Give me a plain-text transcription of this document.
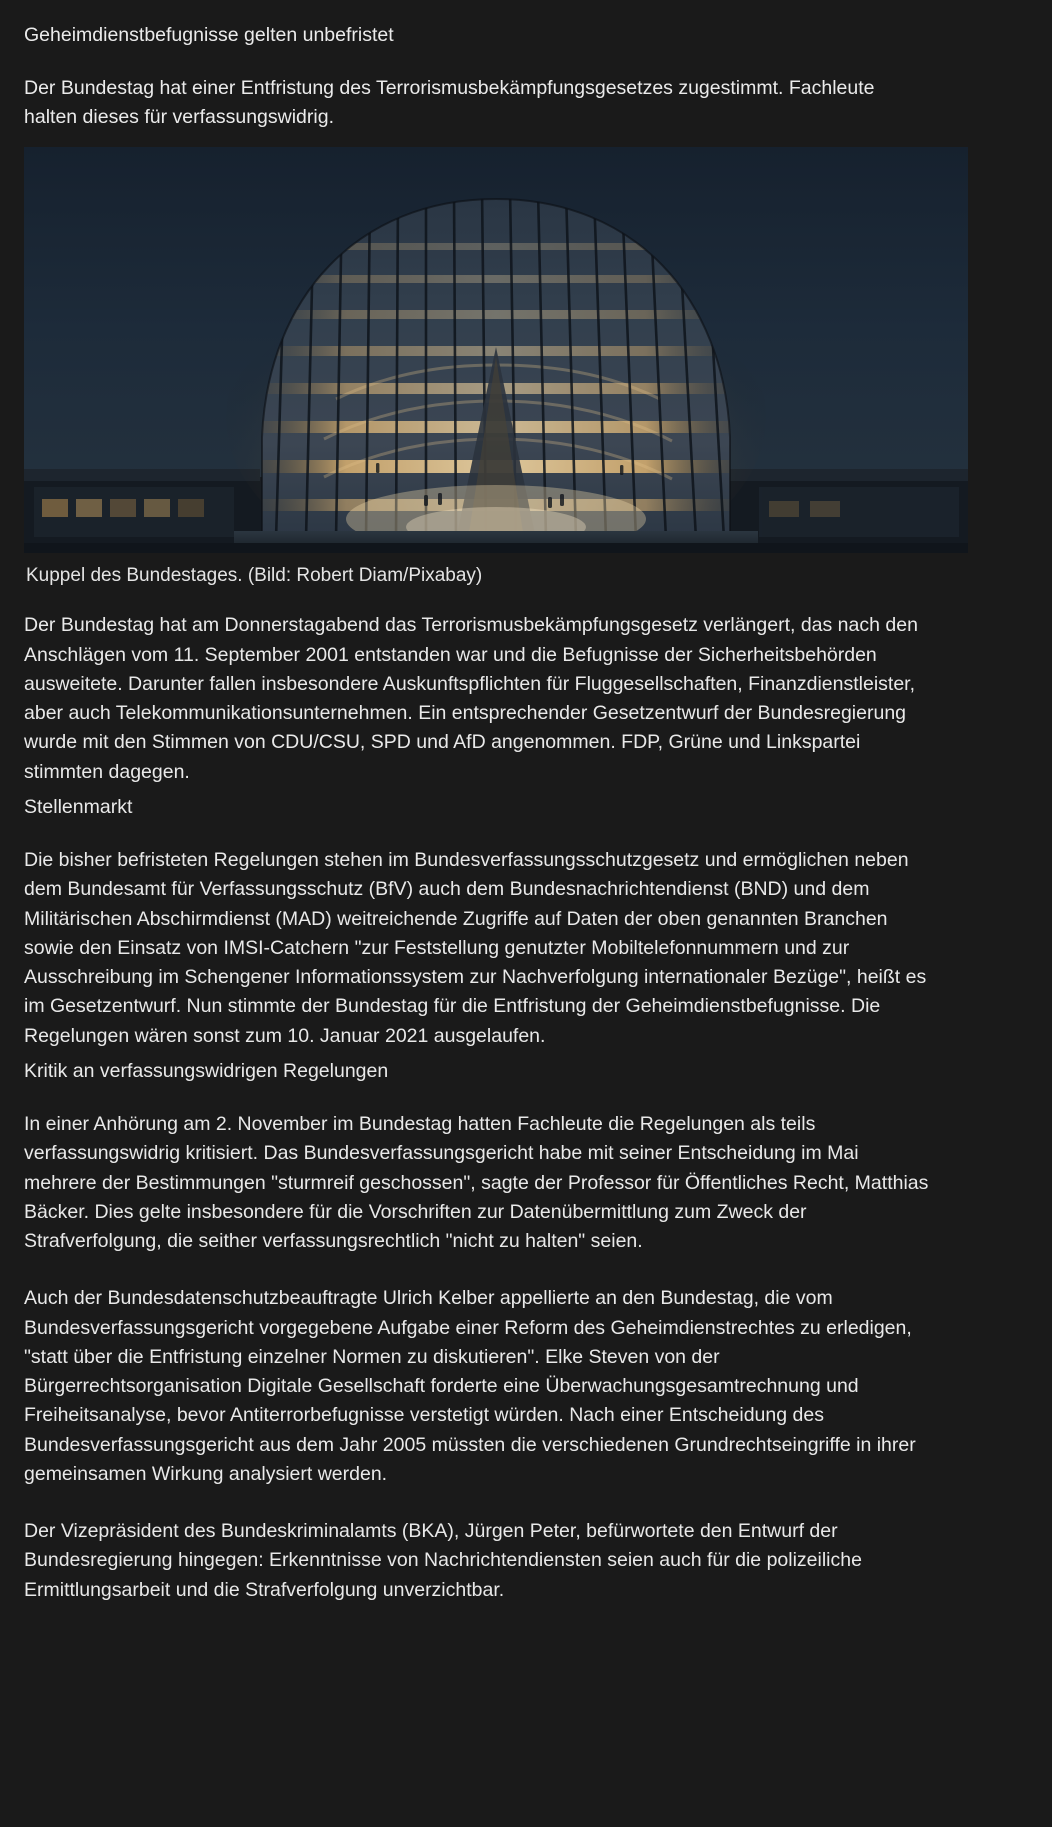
Geheimdienstbefugnisse gelten unbefristet

Der Bundestag hat einer Entfristung des Terrorismusbekämpfungsgesetzes zugestimmt. Fachleute halten dieses für verfassungswidrig.

Kuppel des Bundestages. (Bild: Robert Diam/Pixabay)

Der Bundestag hat am Donnerstagabend das Terrorismusbekämpfungsgesetz verlängert, das nach den Anschlägen vom 11. September 2001 entstanden war und die Befugnisse der Sicherheitsbehörden ausweitete. Darunter fallen insbesondere Auskunftspflichten für Fluggesellschaften, Finanzdienstleister, aber auch Telekommunikationsunternehmen. Ein entsprechender Gesetzentwurf der Bundesregierung wurde mit den Stimmen von CDU/CSU, SPD und AfD angenommen. FDP, Grüne und Linkspartei stimmten dagegen.

Stellenmarkt

Die bisher befristeten Regelungen stehen im Bundesverfassungsschutzgesetz und ermöglichen neben dem Bundesamt für Verfassungsschutz (BfV) auch dem Bundesnachrichtendienst (BND) und dem Militärischen Abschirmdienst (MAD) weitreichende Zugriffe auf Daten der oben genannten Branchen sowie den Einsatz von IMSI-Catchern "zur Feststellung genutzter Mobiltelefonnummern und zur Ausschreibung im Schengener Informationssystem zur Nachverfolgung internationaler Bezüge", heißt es im Gesetzentwurf. Nun stimmte der Bundestag für die Entfristung der Geheimdienstbefugnisse. Die Regelungen wären sonst zum 10. Januar 2021 ausgelaufen.

Kritik an verfassungswidrigen Regelungen

In einer Anhörung am 2. November im Bundestag hatten Fachleute die Regelungen als teils verfassungswidrig kritisiert. Das Bundesverfassungsgericht habe mit seiner Entscheidung im Mai mehrere der Bestimmungen "sturmreif geschossen", sagte der Professor für Öffentliches Recht, Matthias Bäcker. Dies gelte insbesondere für die Vorschriften zur Datenübermittlung zum Zweck der Strafverfolgung, die seither verfassungsrechtlich "nicht zu halten" seien.

Auch der Bundesdatenschutzbeauftragte Ulrich Kelber appellierte an den Bundestag, die vom Bundesverfassungsgericht vorgegebene Aufgabe einer Reform des Geheimdienstrechtes zu erledigen, "statt über die Entfristung einzelner Normen zu diskutieren". Elke Steven von der Bürgerrechtsorganisation Digitale Gesellschaft forderte eine Überwachungsgesamtrechnung und Freiheitsanalyse, bevor Antiterrorbefugnisse verstetigt würden. Nach einer Entscheidung des Bundesverfassungsgericht aus dem Jahr 2005 müssten die verschiedenen Grundrechtseingriffe in ihrer gemeinsamen Wirkung analysiert werden.

Der Vizepräsident des Bundeskriminalamts (BKA), Jürgen Peter, befürwortete den Entwurf der Bundesregierung hingegen: Erkenntnisse von Nachrichtendiensten seien auch für die polizeiliche Ermittlungsarbeit und die Strafverfolgung unverzichtbar.
